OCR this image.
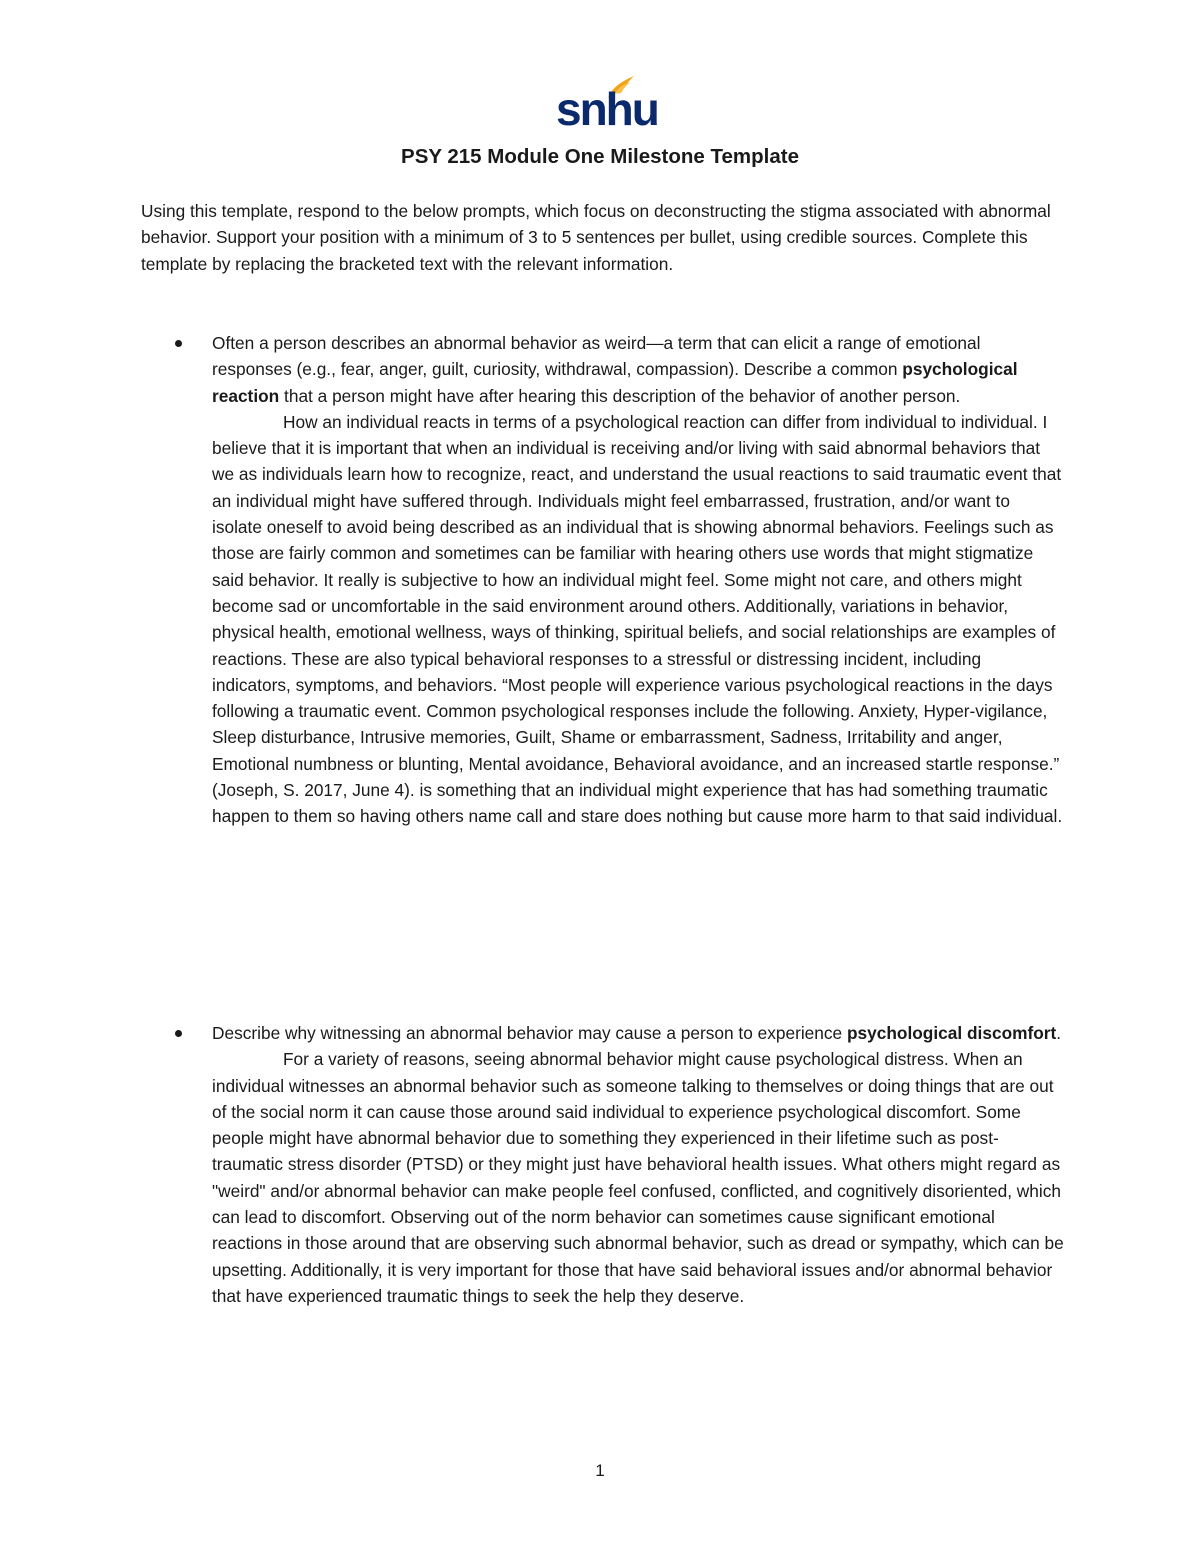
snhu
PSY 215 Module One Milestone Template

Using this template, respond to the below prompts, which focus on deconstructing the stigma associated with abnormal behavior. Support your position with a minimum of 3 to 5 sentences per bullet, using credible sources. Complete this template by replacing the bracketed text with the relevant information.

Often a person describes an abnormal behavior as weird—a term that can elicit a range of emotional responses (e.g., fear, anger, guilt, curiosity, withdrawal, compassion). Describe a common psychological reaction that a person might have after hearing this description of the behavior of another person.

How an individual reacts in terms of a psychological reaction can differ from individual to individual. I believe that it is important that when an individual is receiving and/or living with said abnormal behaviors that we as individuals learn how to recognize, react, and understand the usual reactions to said traumatic event that an individual might have suffered through. Individuals might feel embarrassed, frustration, and/or want to isolate oneself to avoid being described as an individual that is showing abnormal behaviors. Feelings such as those are fairly common and sometimes can be familiar with hearing others use words that might stigmatize said behavior. It really is subjective to how an individual might feel. Some might not care, and others might become sad or uncomfortable in the said environment around others. Additionally, variations in behavior, physical health, emotional wellness, ways of thinking, spiritual beliefs, and social relationships are examples of reactions. These are also typical behavioral responses to a stressful or distressing incident, including indicators, symptoms, and behaviors. “Most people will experience various psychological reactions in the days following a traumatic event. Common psychological responses include the following. Anxiety, Hyper-vigilance, Sleep disturbance, Intrusive memories, Guilt, Shame or embarrassment, Sadness, Irritability and anger, Emotional numbness or blunting, Mental avoidance, Behavioral avoidance, and an increased startle response.” (Joseph, S. 2017, June 4). is something that an individual might experience that has had something traumatic happen to them so having others name call and stare does nothing but cause more harm to that said individual.

Describe why witnessing an abnormal behavior may cause a person to experience psychological discomfort.

For a variety of reasons, seeing abnormal behavior might cause psychological distress. When an individual witnesses an abnormal behavior such as someone talking to themselves or doing things that are out of the social norm it can cause those around said individual to experience psychological discomfort. Some people might have abnormal behavior due to something they experienced in their lifetime such as post-traumatic stress disorder (PTSD) or they might just have behavioral health issues. What others might regard as "weird" and/or abnormal behavior can make people feel confused, conflicted, and cognitively disoriented, which can lead to discomfort. Observing out of the norm behavior can sometimes cause significant emotional reactions in those around that are observing such abnormal behavior, such as dread or sympathy, which can be upsetting. Additionally, it is very important for those that have said behavioral issues and/or abnormal behavior that have experienced traumatic things to seek the help they deserve.

1
